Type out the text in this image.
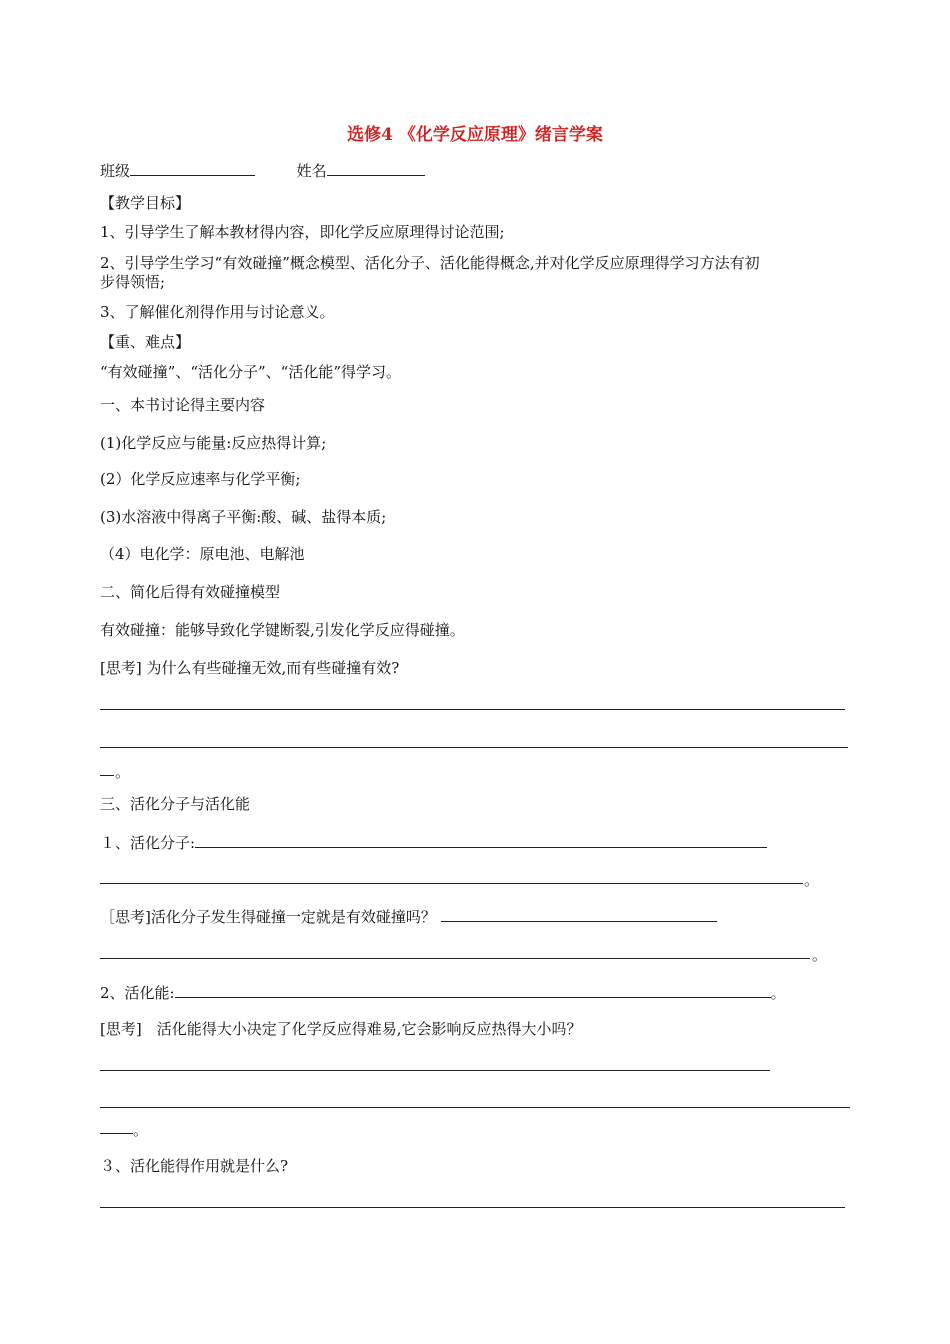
选修4 《化学反应原理》绪言学案
班级	姓名
【教学目标】
1、引导学生了解本教材得内容，即化学反应原理得讨论范围;
2、引导学生学习“有效碰撞”概念模型、活化分子、活化能得概念,并对化学反应原理得学习方法有初
步得领悟;
3、了解催化剂得作用与讨论意义。
【重、难点】
“有效碰撞”、“活化分子”、“活化能”得学习。
一、本书讨论得主要内容
(1)化学反应与能量:反应热得计算;
(2）化学反应速率与化学平衡;
(3)水溶液中得离子平衡:酸、碱、盐得本质;
（4）电化学：原电池、电解池
二、简化后得有效碰撞模型
有效碰撞：能够导致化学键断裂,引发化学反应得碰撞。
[思考] 为什么有些碰撞无效,而有些碰撞有效?
。
三、活化分子与活化能
１、活化分子:
。
［思考]活化分子发生得碰撞一定就是有效碰撞吗？
。
2、活化能:	。
[思考]　活化能得大小决定了化学反应得难易,它会影响反应热得大小吗？
。
３、活化能得作用就是什么?
